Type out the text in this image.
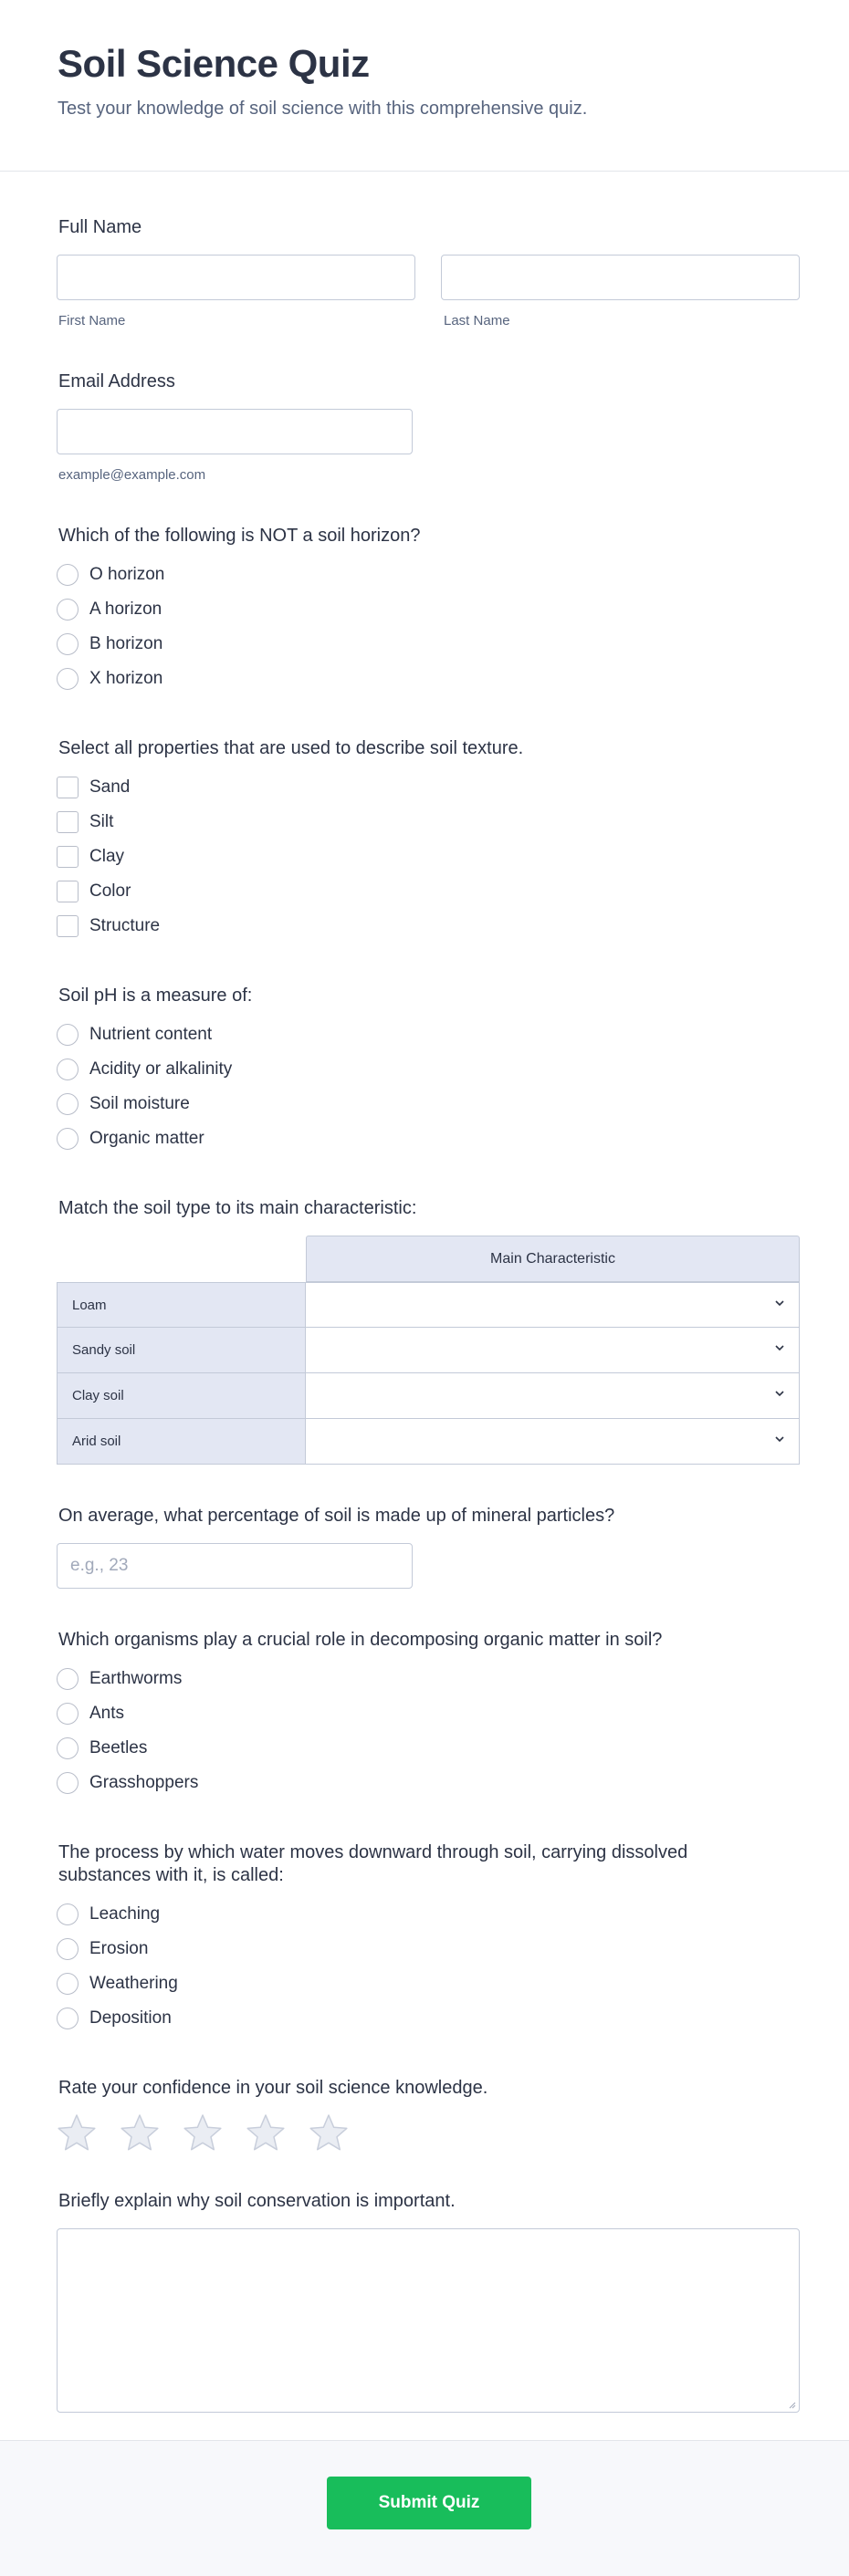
Soil Science Quiz
Test your knowledge of soil science with this comprehensive quiz.
Full Name
First Name	Last Name
Email Address
example@example.com
Which of the following is NOT a soil horizon?
O horizon
A horizon
B horizon
X horizon
Select all properties that are used to describe soil texture.
Sand
Silt
Clay
Color
Structure
Soil pH is a measure of:
Nutrient content
Acidity or alkalinity
Soil moisture
Organic matter
Match the soil type to its main characteristic:
Main Characteristic
Loam
Sandy soil
Clay soil
Arid soil
On average, what percentage of soil is made up of mineral particles?
e.g., 23
Which organisms play a crucial role in decomposing organic matter in soil?
Earthworms
Ants
Beetles
Grasshoppers
The process by which water moves downward through soil, carrying dissolved
substances with it, is called:
Leaching
Erosion
Weathering
Deposition
Rate your confidence in your soil science knowledge.
Briefly explain why soil conservation is important.
Submit Quiz
